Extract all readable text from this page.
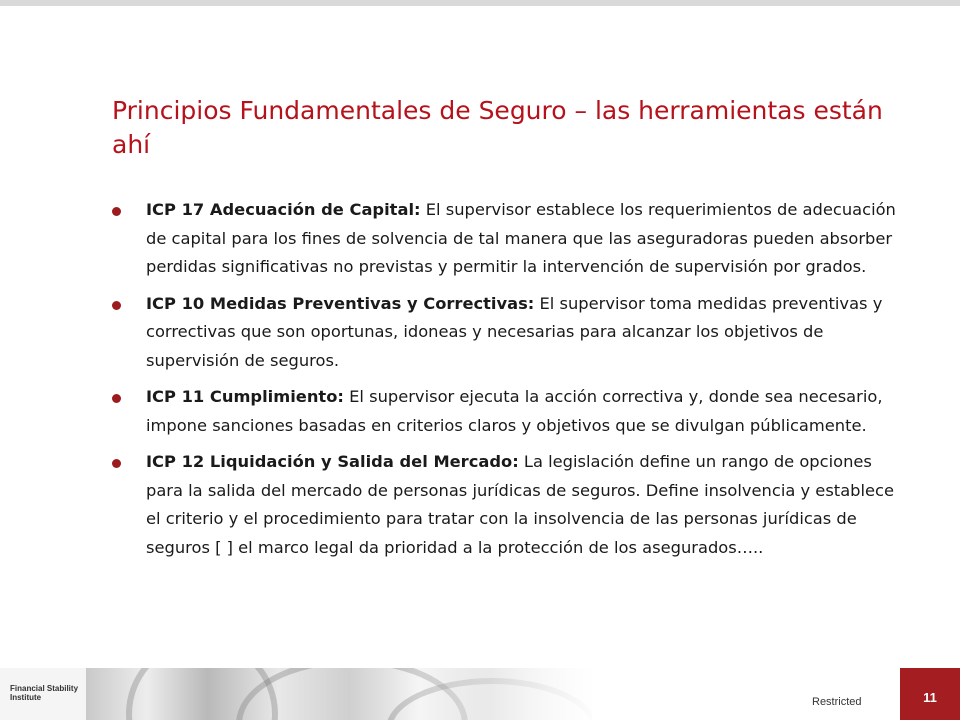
Principios Fundamentales de Seguro – las herramientas están ahí
ICP 17 Adecuación de Capital: El supervisor establece los requerimientos de adecuación de capital para los fines de solvencia de tal manera que las aseguradoras pueden absorber perdidas significativas no previstas y permitir la intervención de supervisión por grados.
ICP 10 Medidas Preventivas y Correctivas: El supervisor toma medidas preventivas y correctivas que son oportunas, idoneas y necesarias para alcanzar los objetivos de supervisión de seguros.
ICP 11 Cumplimiento: El supervisor ejecuta la acción correctiva y, donde sea necesario, impone sanciones basadas en criterios claros y objetivos que se divulgan públicamente.
ICP 12 Liquidación y Salida del Mercado: La legislación define un rango de opciones para la salida del mercado de personas jurídicas de seguros. Define insolvencia y establece el criterio y el procedimiento para tratar con la insolvencia de las personas jurídicas de seguros [ ] el marco legal da prioridad a la protección de los asegurados…..
Financial Stability
Institute	Restricted	11
